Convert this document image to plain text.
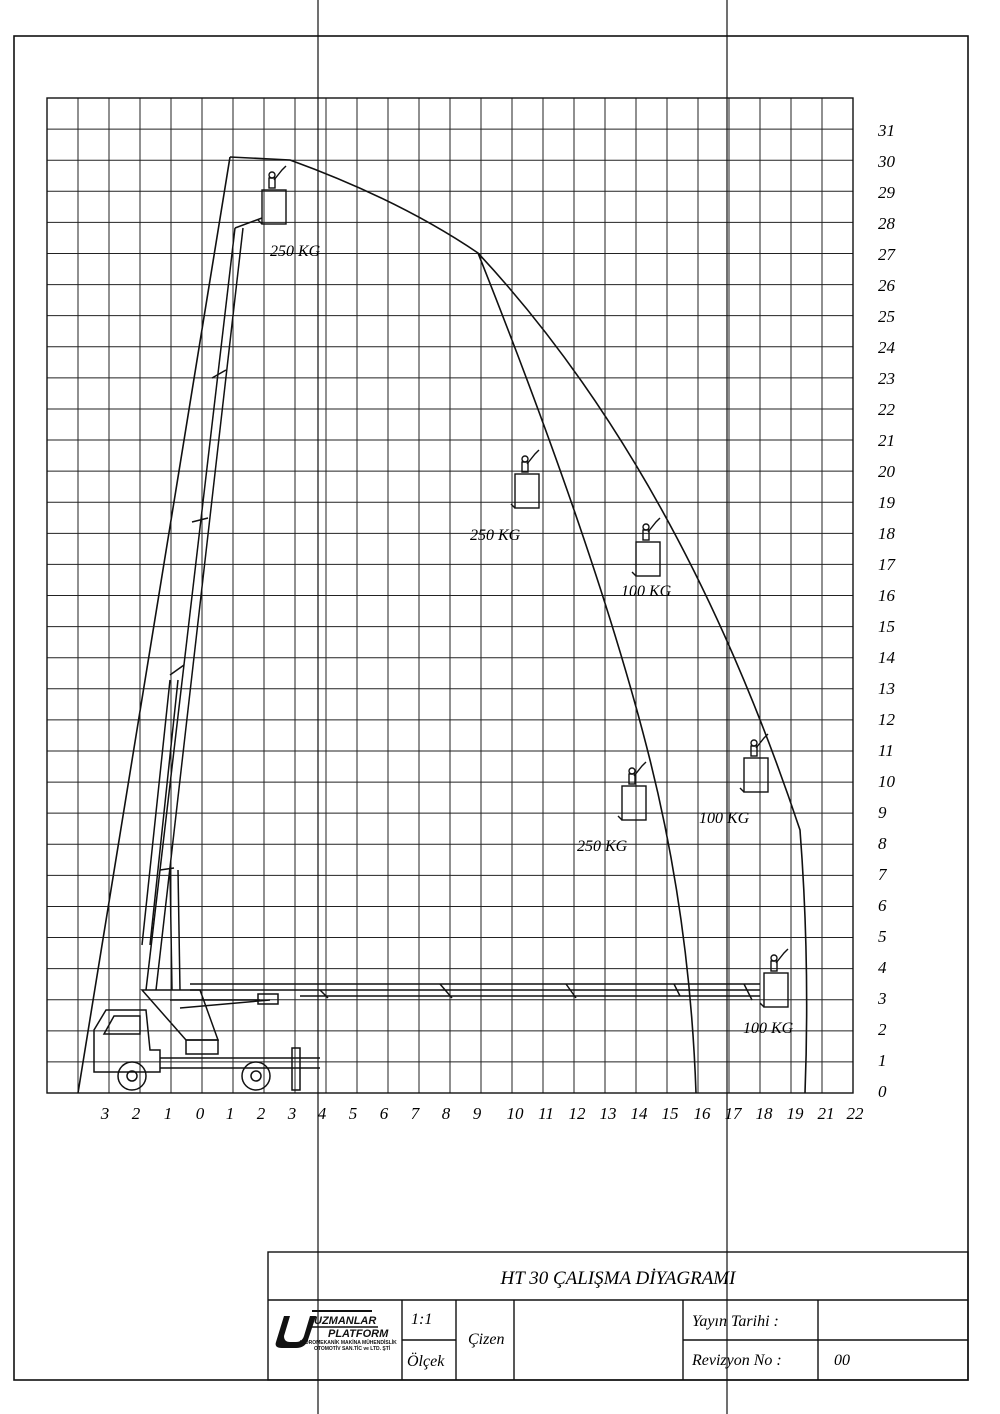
250 KG
250 KG
100 KG
250 KG
100 KG
100 KG
3 2 1 0 1 2 3 4 5 6 7 8 9 10 11 12 13 14 15 16 17 18 19 21 22
0
1
2
3
4
5
6
7
8
9
10
11
12
13
14
15
16
17
18
19
20
21
22
23
24
25
26
27
28
29
30
31
HT 30 ÇALIŞMA DİYAGRAMI
UZMANLAR
PLATFORM
HİDROMEKANİK MAKİNA MÜHENDİSLİK
OTOMOTİV SAN.TİC ve LTD. ŞTİ
1:1
Ölçek
Çizen
Yayın Tarihi :
Revizyon No :	00
